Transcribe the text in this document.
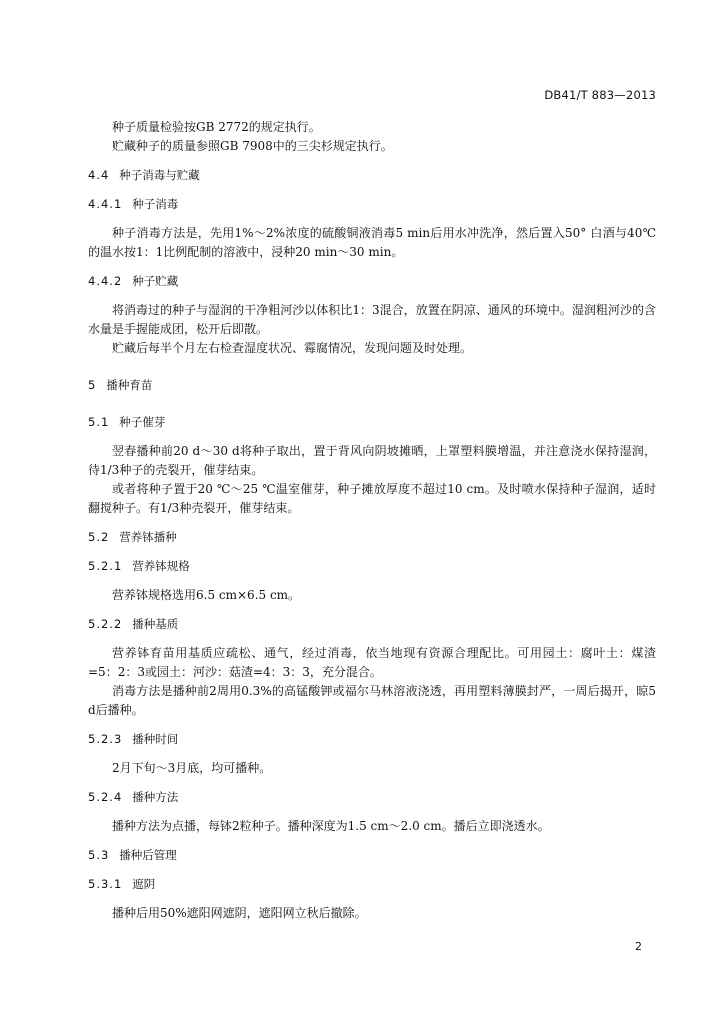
DB41/T 883—2013

种子质量检验按GB 2772的规定执行。

贮藏种子的质量参照GB 7908中的三尖杉规定执行。

4.4 种子消毒与贮藏

4.4.1 种子消毒

种子消毒方法是，先用1%～2%浓度的硫酸铜液消毒5 min后用水冲洗净，然后置入50° 白酒与40℃的温水按1：1比例配制的溶液中，浸种20 min～30 min。

4.4.2 种子贮藏

将消毒过的种子与湿润的干净粗河沙以体积比1：3混合，放置在阴凉、通风的环境中。湿润粗河沙的含水量是手握能成团，松开后即散。

贮藏后每半个月左右检查湿度状况、霉腐情况，发现问题及时处理。

5 播种育苗

5.1 种子催芽

翌春播种前20 d～30 d将种子取出，置于背风向阴坡摊晒，上罩塑料膜增温，并注意浇水保持湿润，待1/3种子的壳裂开，催芽结束。

或者将种子置于20 ℃～25 ℃温室催芽，种子摊放厚度不超过10 cm。及时喷水保持种子湿润，适时翻搅种子。有1/3种壳裂开，催芽结束。

5.2 营养钵播种

5.2.1 营养钵规格

营养钵规格选用6.5 cm×6.5 cm。

5.2.2 播种基质

营养钵育苗用基质应疏松、通气，经过消毒，依当地现有资源合理配比。可用园土：腐叶土：煤渣=5：2：3或园土：河沙：菇渣=4：3：3，充分混合。

消毒方法是播种前2周用0.3%的高锰酸钾或福尔马林溶液浇透，再用塑料薄膜封严，一周后揭开，晾5 d后播种。

5.2.3 播种时间

2月下旬～3月底，均可播种。

5.2.4 播种方法

播种方法为点播，每钵2粒种子。播种深度为1.5 cm～2.0 cm。播后立即浇透水。

5.3 播种后管理

5.3.1 遮阴

播种后用50%遮阳网遮阴，遮阳网立秋后撤除。

2
